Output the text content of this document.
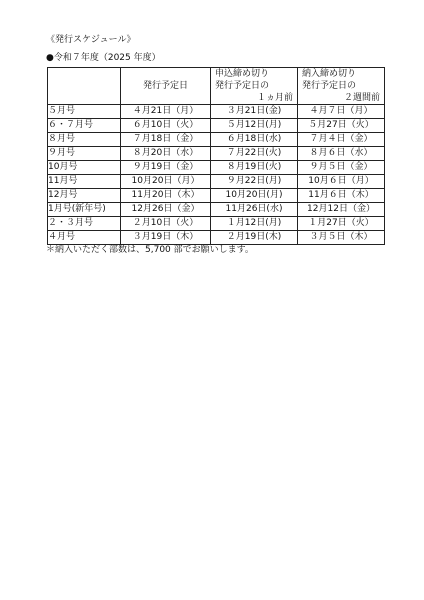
《発行スケジュール》
●令和７年度（2025 年度）
	発行予定日	申込締め切り
発行予定日の
１ヵ月前	納入締め切り
発行予定日の
２週間前

５月号	４月21日（月）	３月21日(金)	４月７日（月）
６・７月号	６月10日（火）	５月12日(月)	５月27日（火）
８月号	７月18日（金）	６月18日(水)	７月４日（金）
９月号	８月20日（水）	７月22日(火)	８月６日（水）
10月号	９月19日（金）	８月19日(火)	９月５日（金）
11月号	10月20日（月）	９月22日(月)	10月６日（月）
12月号	11月20日（木）	10月20日(月)	11月６日（木）
1月号(新年号)	12月26日（金）	11月26日(水)	12月12日（金）
２・３月号	２月10日（火）	１月12日(月)	１月27日（火）
４月号	３月19日（木）	２月19日(木)	３月５日（木）
＊納入いただく部数は、5,700 部でお願いします。
